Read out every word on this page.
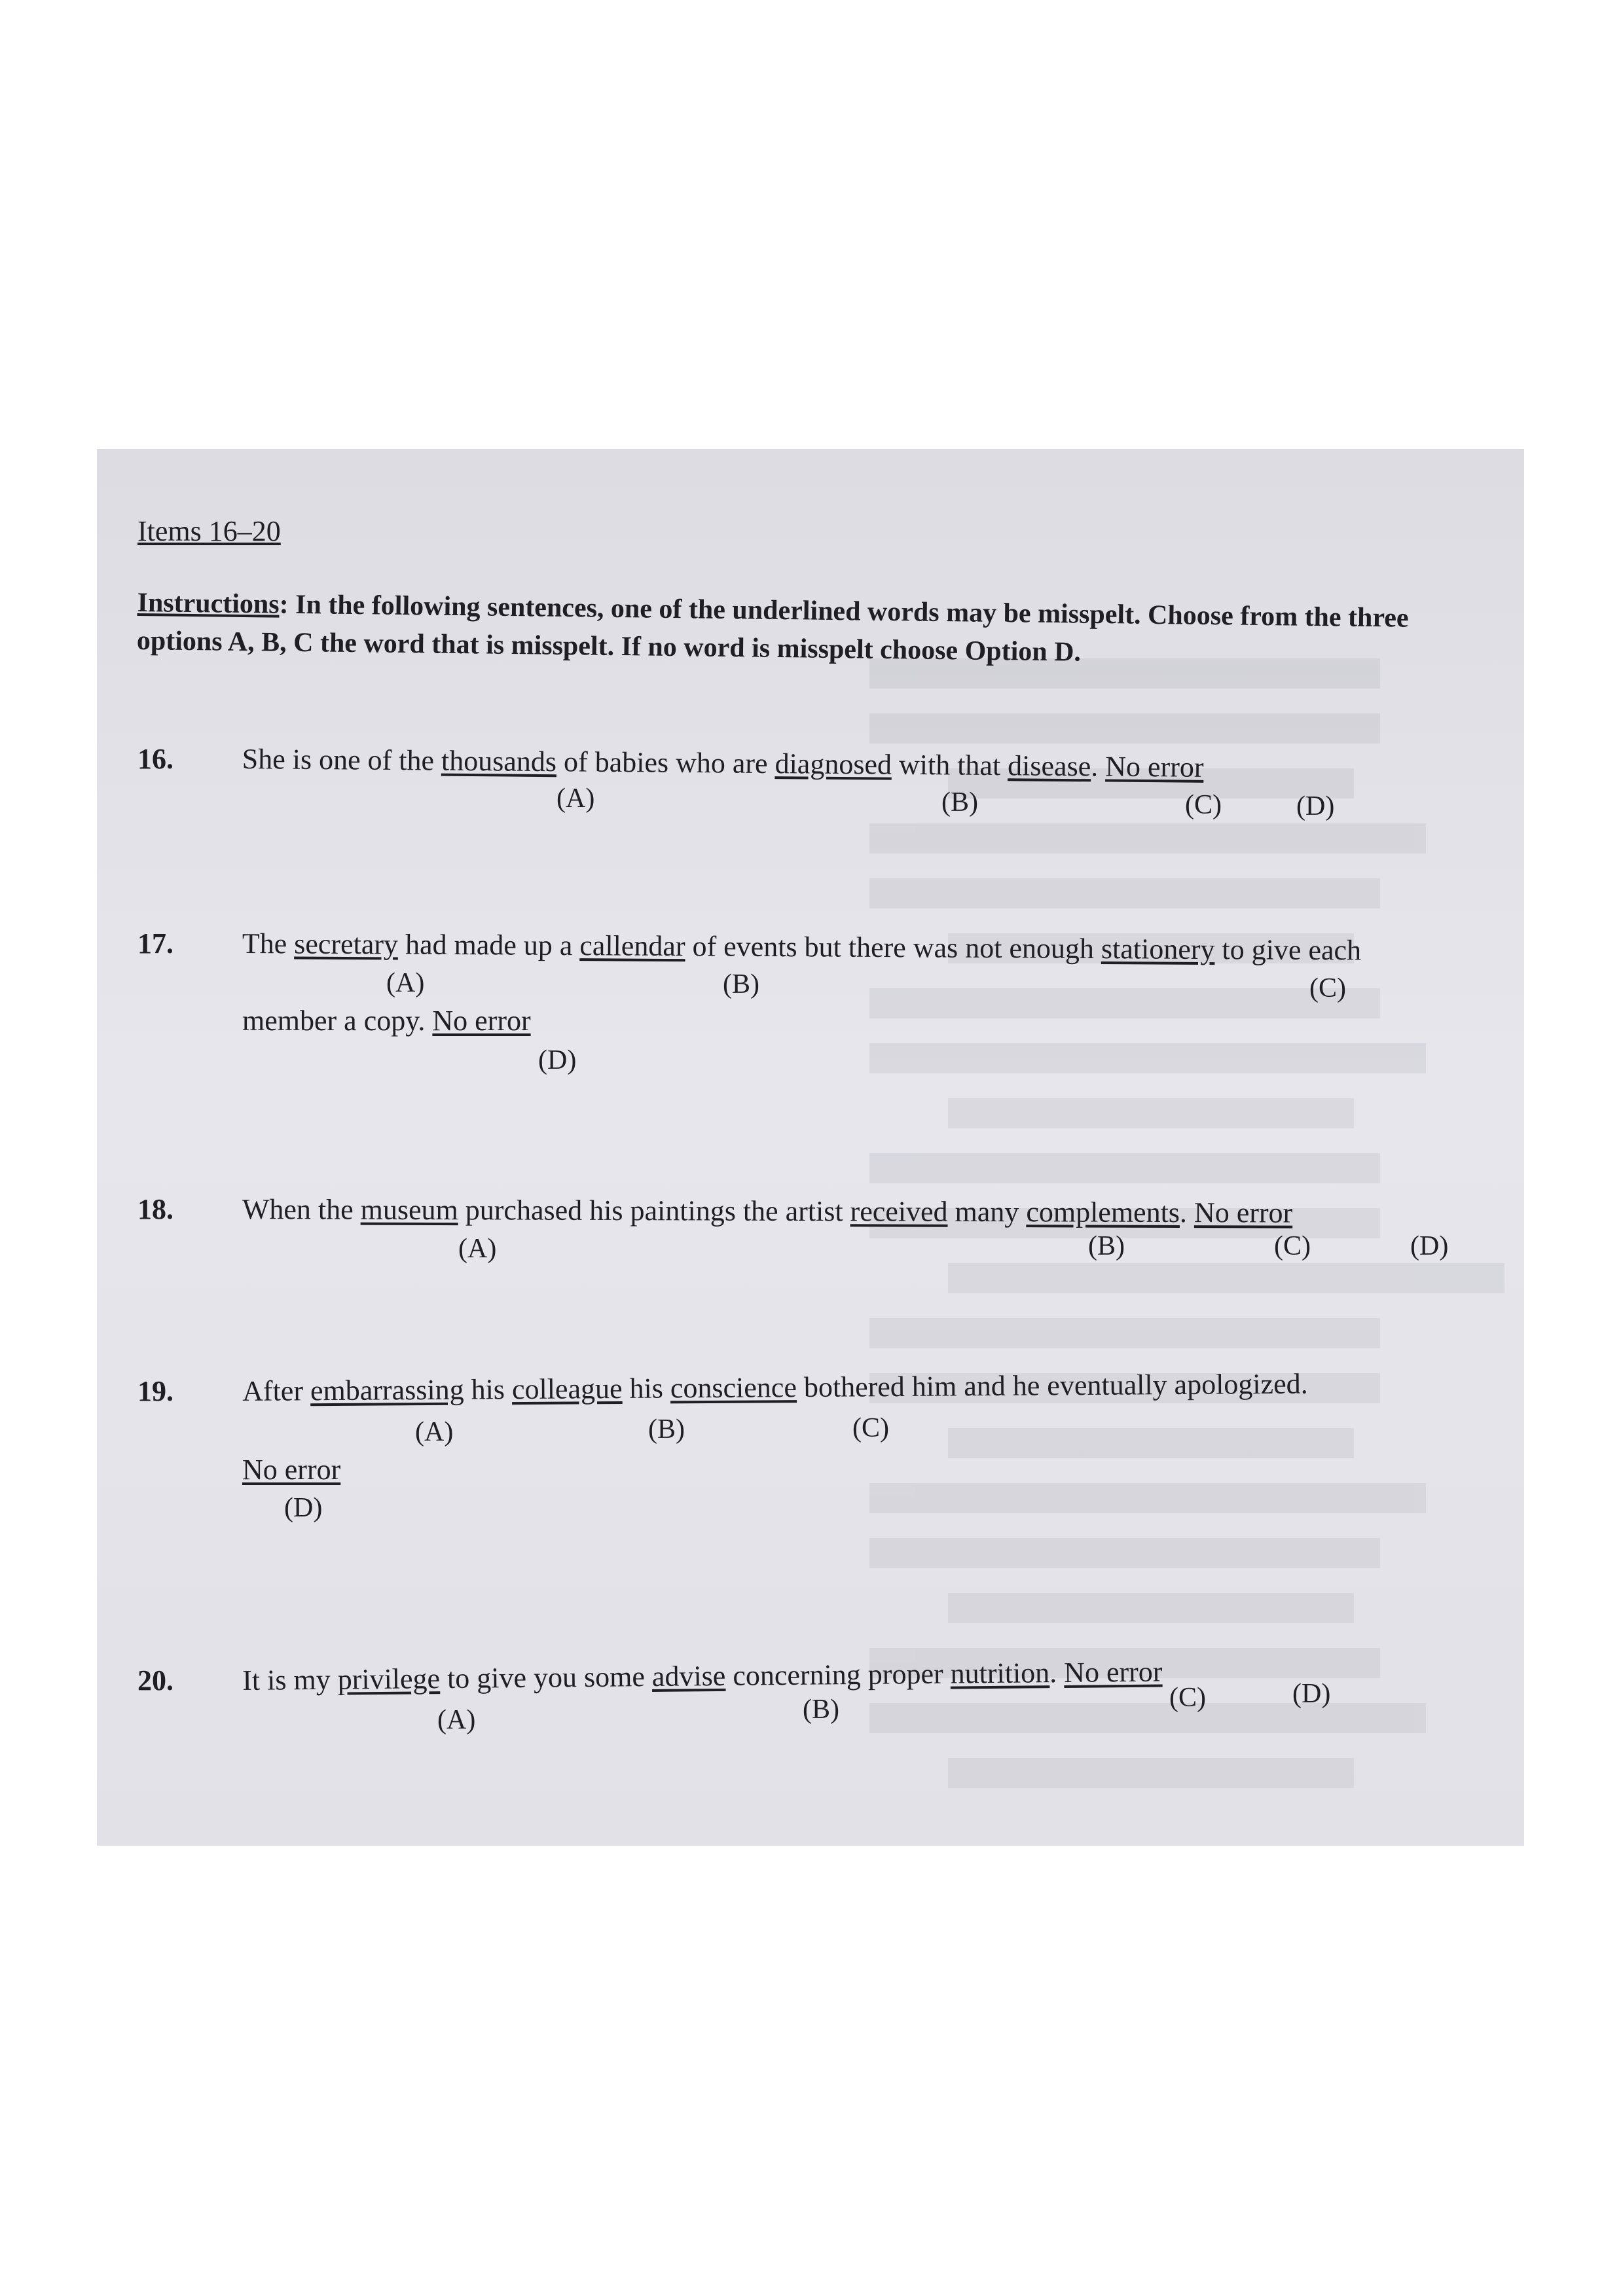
Items 16–20
Instructions: In the following sentences, one of the underlined words may be misspelt. Choose from the three options A, B, C the word that is misspelt. If no word is misspelt choose Option D.
16. She is one of the thousands of babies who are diagnosed with that disease. No error
(A)	(B)	(C)	(D)
17. The secretary had made up a callendar of events but there was not enough stationery to give each
(A)	(B)	(C)
member a copy. No error
(D)
18. When the museum purchased his paintings the artist received many complements. No error
(A)	(B)	(C)	(D)
19. After embarrassing his colleague his conscience bothered him and he eventually apologized.
(A)	(B)	(C)
No error
(D)
20. It is my privilege to give you some advise concerning proper nutrition. No error
(A)	(B)	(C)	(D)
